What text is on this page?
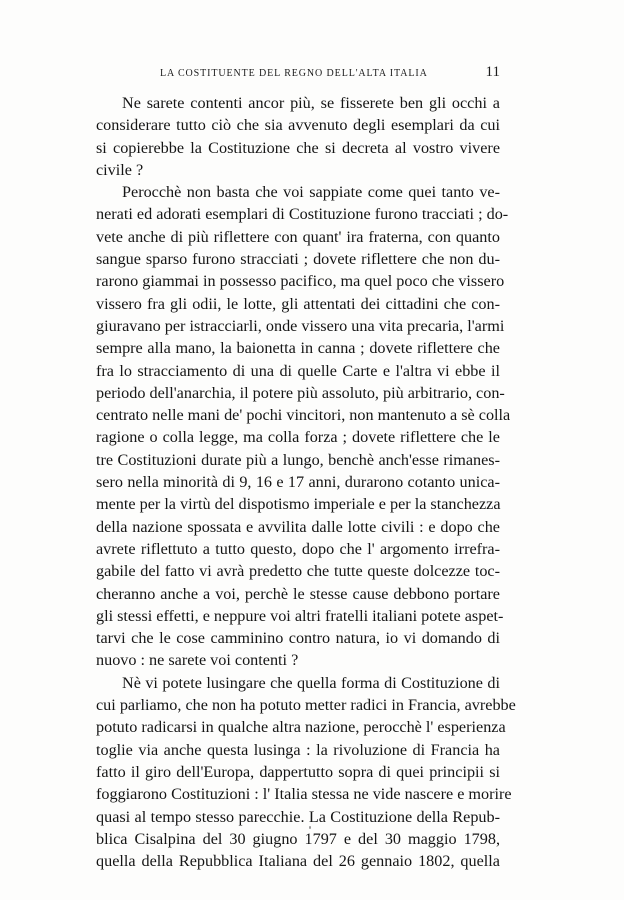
LA COSTITUENTE DEL REGNO DELL'ALTA ITALIA	11

Ne sarete contenti ancor più, se fisserete ben gli occhi a
considerare tutto ciò che sia avvenuto degli esemplari da cui
si copierebbe la Costituzione che si decreta al vostro vivere
civile ?

Perocchè non basta che voi sappiate come quei tanto ve-
nerati ed adorati esemplari di Costituzione furono tracciati ; do-
vete anche di più riflettere con quant' ira fraterna, con quanto
sangue sparso furono stracciati ; dovete riflettere che non du-
rarono giammai in possesso pacifico, ma quel poco che vissero
vissero fra gli odii, le lotte, gli attentati dei cittadini che con-
giuravano per istracciarli, onde vissero una vita precaria, l'armi
sempre alla mano, la baionetta in canna ; dovete riflettere che
fra lo stracciamento di una di quelle Carte e l'altra vi ebbe il
periodo dell'anarchia, il potere più assoluto, più arbitrario, con-
centrato nelle mani de' pochi vincitori, non mantenuto a sè colla
ragione o colla legge, ma colla forza ; dovete riflettere che le
tre Costituzioni durate più a lungo, benchè anch'esse rimanes-
sero nella minorità di 9, 16 e 17 anni, durarono cotanto unica-
mente per la virtù del dispotismo imperiale e per la stanchezza
della nazione spossata e avvilita dalle lotte civili : e dopo che
avrete riflettuto a tutto questo, dopo che l' argomento irrefra-
gabile del fatto vi avrà predetto che tutte queste dolcezze toc-
cheranno anche a voi, perchè le stesse cause debbono portare
gli stessi effetti, e neppure voi altri fratelli italiani potete aspet-
tarvi che le cose camminino contro natura, io vi domando di
nuovo : ne sarete voi contenti ?

Nè vi potete lusingare che quella forma di Costituzione di
cui parliamo, che non ha potuto metter radici in Francia, avrebbe
potuto radicarsi in qualche altra nazione, perocchè l' esperienza
toglie via anche questa lusinga : la rivoluzione di Francia ha
fatto il giro dell'Europa, dappertutto sopra di quei principii si
foggiarono Costituzioni : l' Italia stessa ne vide nascere e morire
quasi al tempo stesso parecchie. La Costituzione della Repub-
blica Cisalpina del 30 giugno 1797 e del 30 maggio 1798,
quella della Repubblica Italiana del 26 gennaio 1802, quella
